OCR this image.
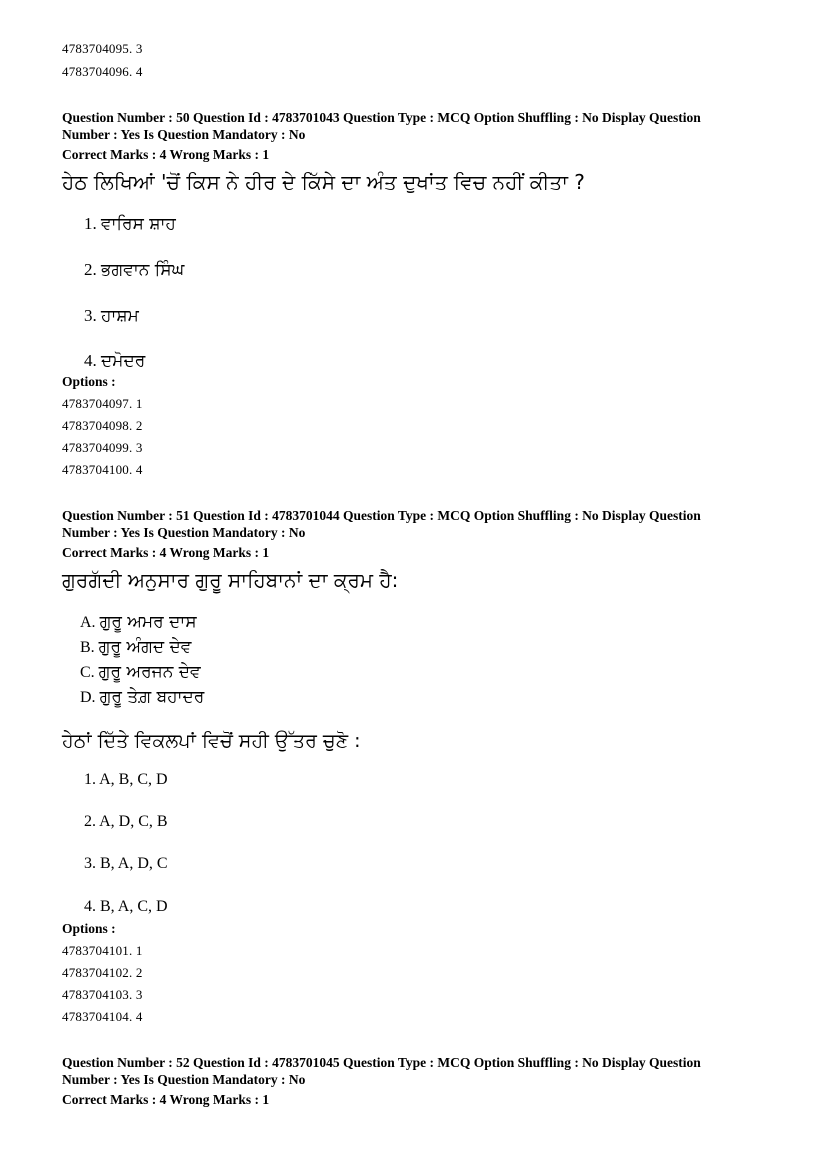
4783704095. 3
4783704096. 4
Question Number : 50 Question Id : 4783701043 Question Type : MCQ Option Shuffling : No Display Question
Number : Yes Is Question Mandatory : No
Correct Marks : 4 Wrong Marks : 1
ਹੇਠ ਲਿਖਿਆਂ 'ਚੋਂ ਕਿਸ ਨੇ ਹੀਰ ਦੇ ਕਿੱਸੇ ਦਾ ਅੰਤ ਦੁਖਾਂਤ ਵਿਚ ਨਹੀਂ ਕੀਤਾ ?
1. ਵਾਰਿਸ ਸ਼ਾਹ
2. ਭਗਵਾਨ ਸਿੰਘ
3. ਹਾਸ਼ਮ
4. ਦਮੋਦਰ
Options :
4783704097. 1
4783704098. 2
4783704099. 3
4783704100. 4
Question Number : 51 Question Id : 4783701044 Question Type : MCQ Option Shuffling : No Display Question
Number : Yes Is Question Mandatory : No
Correct Marks : 4 Wrong Marks : 1
ਗੁਰਗੱਦੀ ਅਨੁਸਾਰ ਗੁਰੂ ਸਾਹਿਬਾਨਾਂ ਦਾ ਕ੍ਰਮ ਹੈ:
A. ਗੁਰੂ ਅਮਰ ਦਾਸ
B. ਗੁਰੂ ਅੰਗਦ ਦੇਵ
C. ਗੁਰੂ ਅਰਜਨ ਦੇਵ
D. ਗੁਰੂ ਤੇਗ਼ ਬਹਾਦਰ
ਹੇਠਾਂ ਦਿੱਤੇ ਵਿਕਲਪਾਂ ਵਿਚੋਂ ਸਹੀ ਉੱਤਰ ਚੁਣੋ :
1. A, B, C, D
2. A, D, C, B
3. B, A, D, C
4. B, A, C, D
Options :
4783704101. 1
4783704102. 2
4783704103. 3
4783704104. 4
Question Number : 52 Question Id : 4783701045 Question Type : MCQ Option Shuffling : No Display Question
Number : Yes Is Question Mandatory : No
Correct Marks : 4 Wrong Marks : 1
